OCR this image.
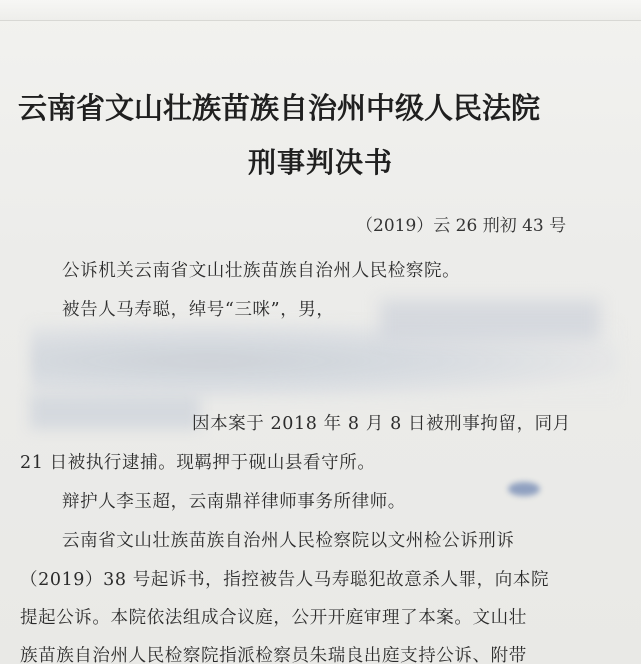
云南省文山壮族苗族自治州中级人民法院
刑事判决书
（2019）云 26 刑初 43 号
公诉机关云南省文山壮族苗族自治州人民检察院。
被告人马寿聪，绰号“三咪”，男，
因本案于 2018 年 8 月 8 日被刑事拘留，同月
21 日被执行逮捕。现羁押于砚山县看守所。
辩护人李玉超，云南鼎祥律师事务所律师。
云南省文山壮族苗族自治州人民检察院以文州检公诉刑诉
（2019）38 号起诉书，指控被告人马寿聪犯故意杀人罪，向本院
提起公诉。本院依法组成合议庭，公开开庭审理了本案。文山壮
族苗族自治州人民检察院指派检察员朱瑞良出庭支持公诉、附带
